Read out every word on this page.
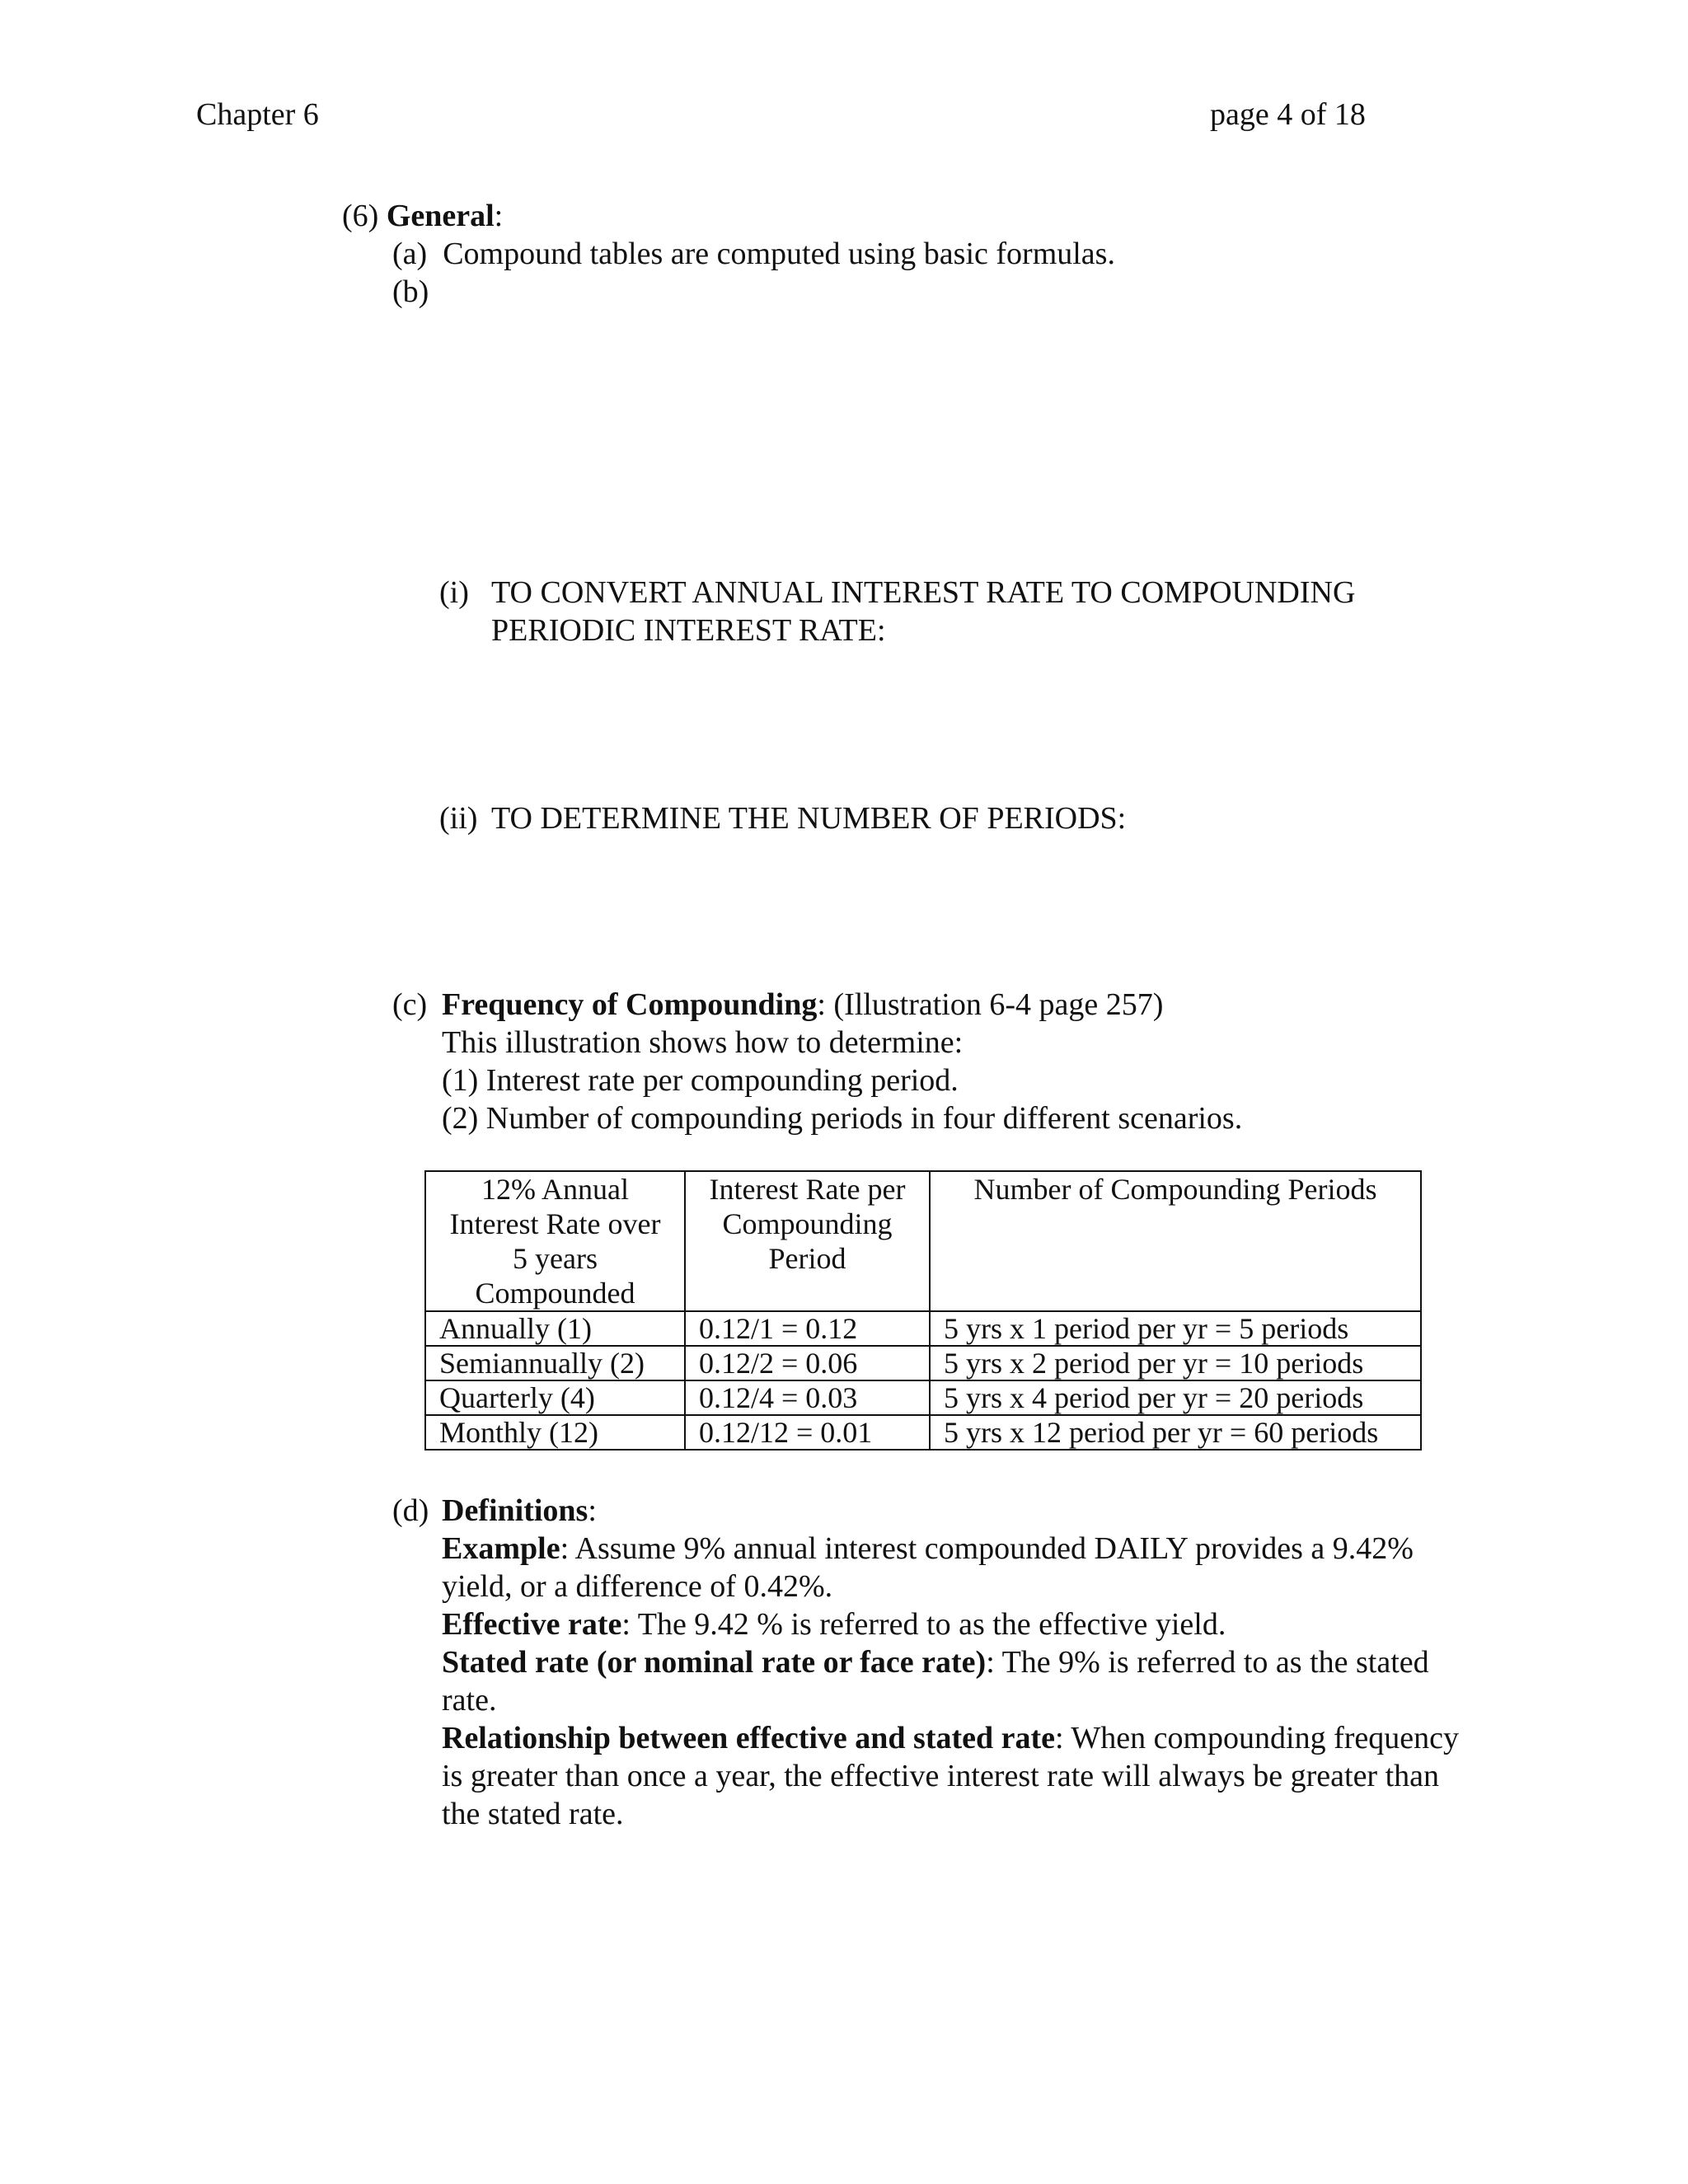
Chapter 6	page 4 of 18
(6) General:
(a) Compound tables are computed using basic formulas.
(b)
(i) TO CONVERT ANNUAL INTEREST RATE TO COMPOUNDING
PERIODIC INTEREST RATE:
(ii) TO DETERMINE THE NUMBER OF PERIODS:
(c) Frequency of Compounding: (Illustration 6-4 page 257)
This illustration shows how to determine:
(1) Interest rate per compounding period.
(2) Number of compounding periods in four different scenarios.
12% Annual Interest Rate over 5 years Compounded	Interest Rate per Compounding Period	Number of Compounding Periods
Annually (1)	0.12/1 = 0.12	5 yrs x 1 period per yr = 5 periods
Semiannually (2)	0.12/2 = 0.06	5 yrs x 2 period per yr = 10 periods
Quarterly (4)	0.12/4 = 0.03	5 yrs x 4 period per yr = 20 periods
Monthly (12)	0.12/12 = 0.01	5 yrs x 12 period per yr = 60 periods
(d) Definitions:

Example: Assume 9% annual interest compounded DAILY provides a 9.42% yield, or a difference of 0.42%.

Effective rate: The 9.42 % is referred to as the effective yield.

Stated rate (or nominal rate or face rate): The 9% is referred to as the stated rate.

Relationship between effective and stated rate: When compounding frequency is greater than once a year, the effective interest rate will always be greater than the stated rate.
